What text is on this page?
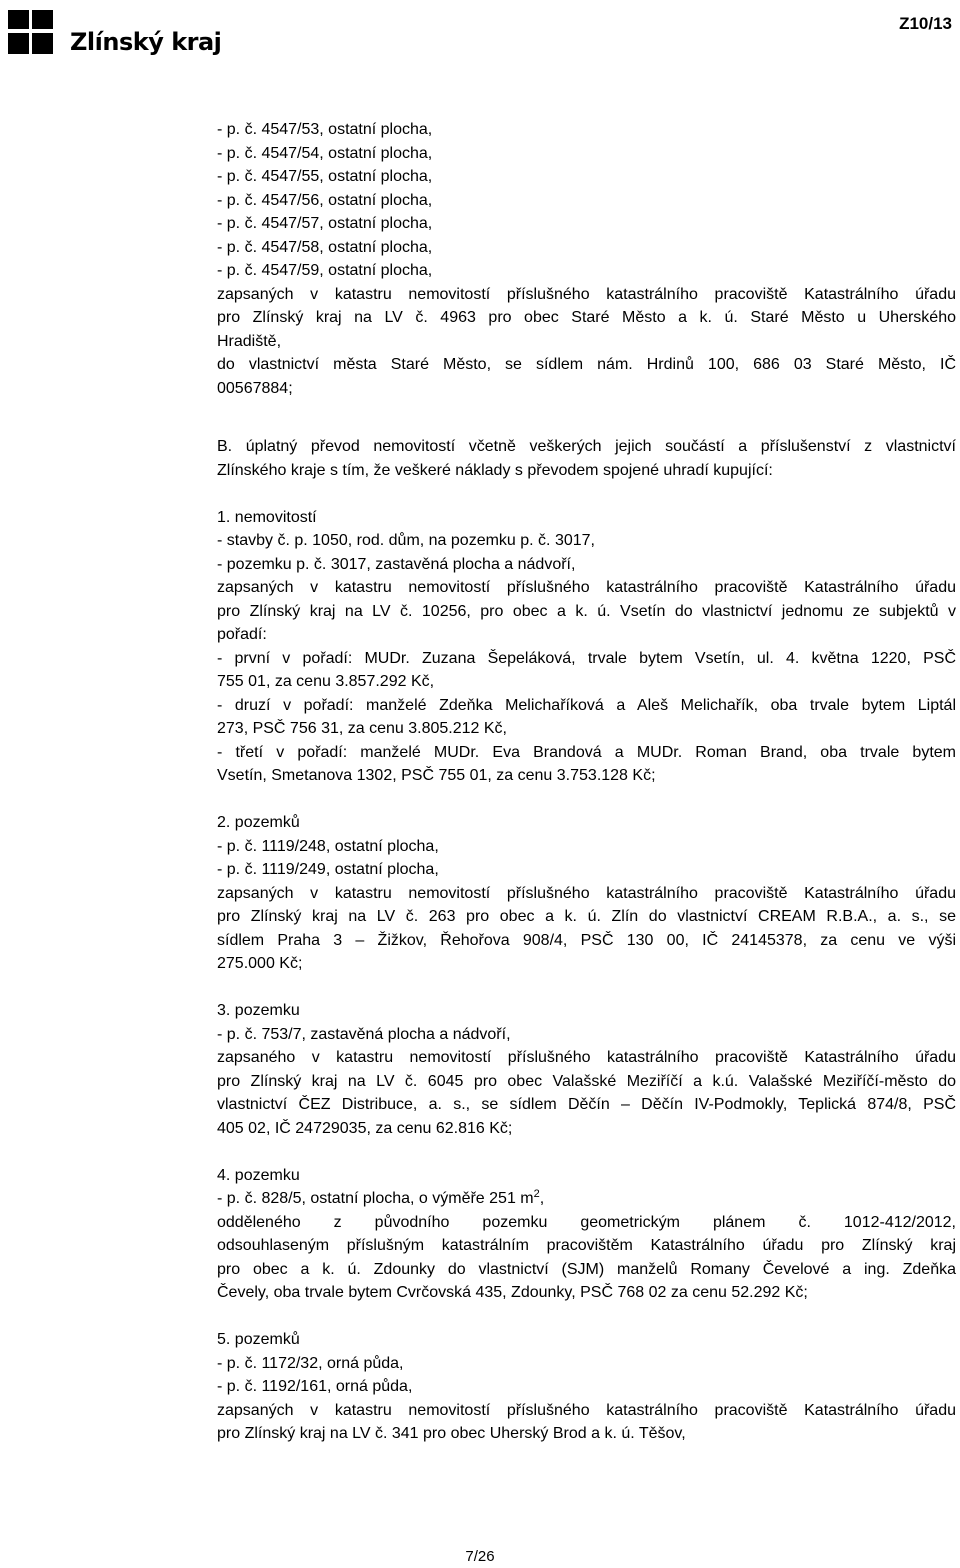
Zlínský kraj
Z10/13
- p. č. 4547/53, ostatní plocha,
- p. č. 4547/54, ostatní plocha,
- p. č. 4547/55, ostatní plocha,
- p. č. 4547/56, ostatní plocha,
- p. č. 4547/57, ostatní plocha,
- p. č. 4547/58, ostatní plocha,
- p. č. 4547/59, ostatní plocha,
zapsaných v katastru nemovitostí příslušného katastrálního pracoviště Katastrálního úřadu
pro Zlínský kraj na LV č. 4963 pro obec Staré Město a k. ú. Staré Město u Uherského
Hradiště,
do vlastnictví města Staré Město, se sídlem nám. Hrdinů 100, 686 03 Staré Město, IČ
00567884;
B. úplatný převod nemovitostí včetně veškerých jejich součástí a příslušenství z vlastnictví
Zlínského kraje s tím, že veškeré náklady s převodem spojené uhradí kupující:
1. nemovitostí
- stavby č. p. 1050, rod. dům, na pozemku p. č. 3017,
- pozemku p. č. 3017, zastavěná plocha a nádvoří,
zapsaných v katastru nemovitostí příslušného katastrálního pracoviště Katastrálního úřadu
pro Zlínský kraj na LV č. 10256, pro obec a k. ú. Vsetín do vlastnictví jednomu ze subjektů v
pořadí:
- první v pořadí: MUDr. Zuzana Šepeláková, trvale bytem Vsetín, ul. 4. května 1220, PSČ
755 01, za cenu 3.857.292 Kč,
- druzí v pořadí: manželé Zdeňka Melichaříková a Aleš Melichařík, oba trvale bytem Liptál
273, PSČ 756 31, za cenu 3.805.212 Kč,
- třetí v pořadí: manželé MUDr. Eva Brandová a MUDr. Roman Brand, oba trvale bytem
Vsetín, Smetanova 1302, PSČ 755 01, za cenu 3.753.128 Kč;
2. pozemků
- p. č. 1119/248, ostatní plocha,
- p. č. 1119/249, ostatní plocha,
zapsaných v katastru nemovitostí příslušného katastrálního pracoviště Katastrálního úřadu
pro Zlínský kraj na LV č. 263 pro obec a k. ú. Zlín do vlastnictví CREAM R.B.A., a. s., se
sídlem Praha 3 – Žižkov, Řehořova 908/4, PSČ 130 00, IČ 24145378, za cenu ve výši
275.000 Kč;
3. pozemku
- p. č. 753/7, zastavěná plocha a nádvoří,
zapsaného v katastru nemovitostí příslušného katastrálního pracoviště Katastrálního úřadu
pro Zlínský kraj na LV č. 6045 pro obec Valašské Meziříčí a k.ú. Valašské Meziříčí-město do
vlastnictví ČEZ Distribuce, a. s., se sídlem Děčín – Děčín IV-Podmokly, Teplická 874/8, PSČ
405 02, IČ 24729035, za cenu 62.816 Kč;
4. pozemku
- p. č. 828/5, ostatní plocha, o výměře 251 $m^2$,
odděleného z původního pozemku geometrickým plánem č. 1012-412/2012,
odsouhlaseným příslušným katastrálním pracovištěm Katastrálního úřadu pro Zlínský kraj
pro obec a k. ú. Zdounky do vlastnictví (SJM) manželů Romany Čevelové a ing. Zdeňka
Čevely, oba trvale bytem Cvrčovská 435, Zdounky, PSČ 768 02 za cenu 52.292 Kč;
5. pozemků
- p. č. 1172/32, orná půda,
- p. č. 1192/161, orná půda,
zapsaných v katastru nemovitostí příslušného katastrálního pracoviště Katastrálního úřadu
pro Zlínský kraj na LV č. 341 pro obec Uherský Brod a k. ú. Těšov,
7/26
